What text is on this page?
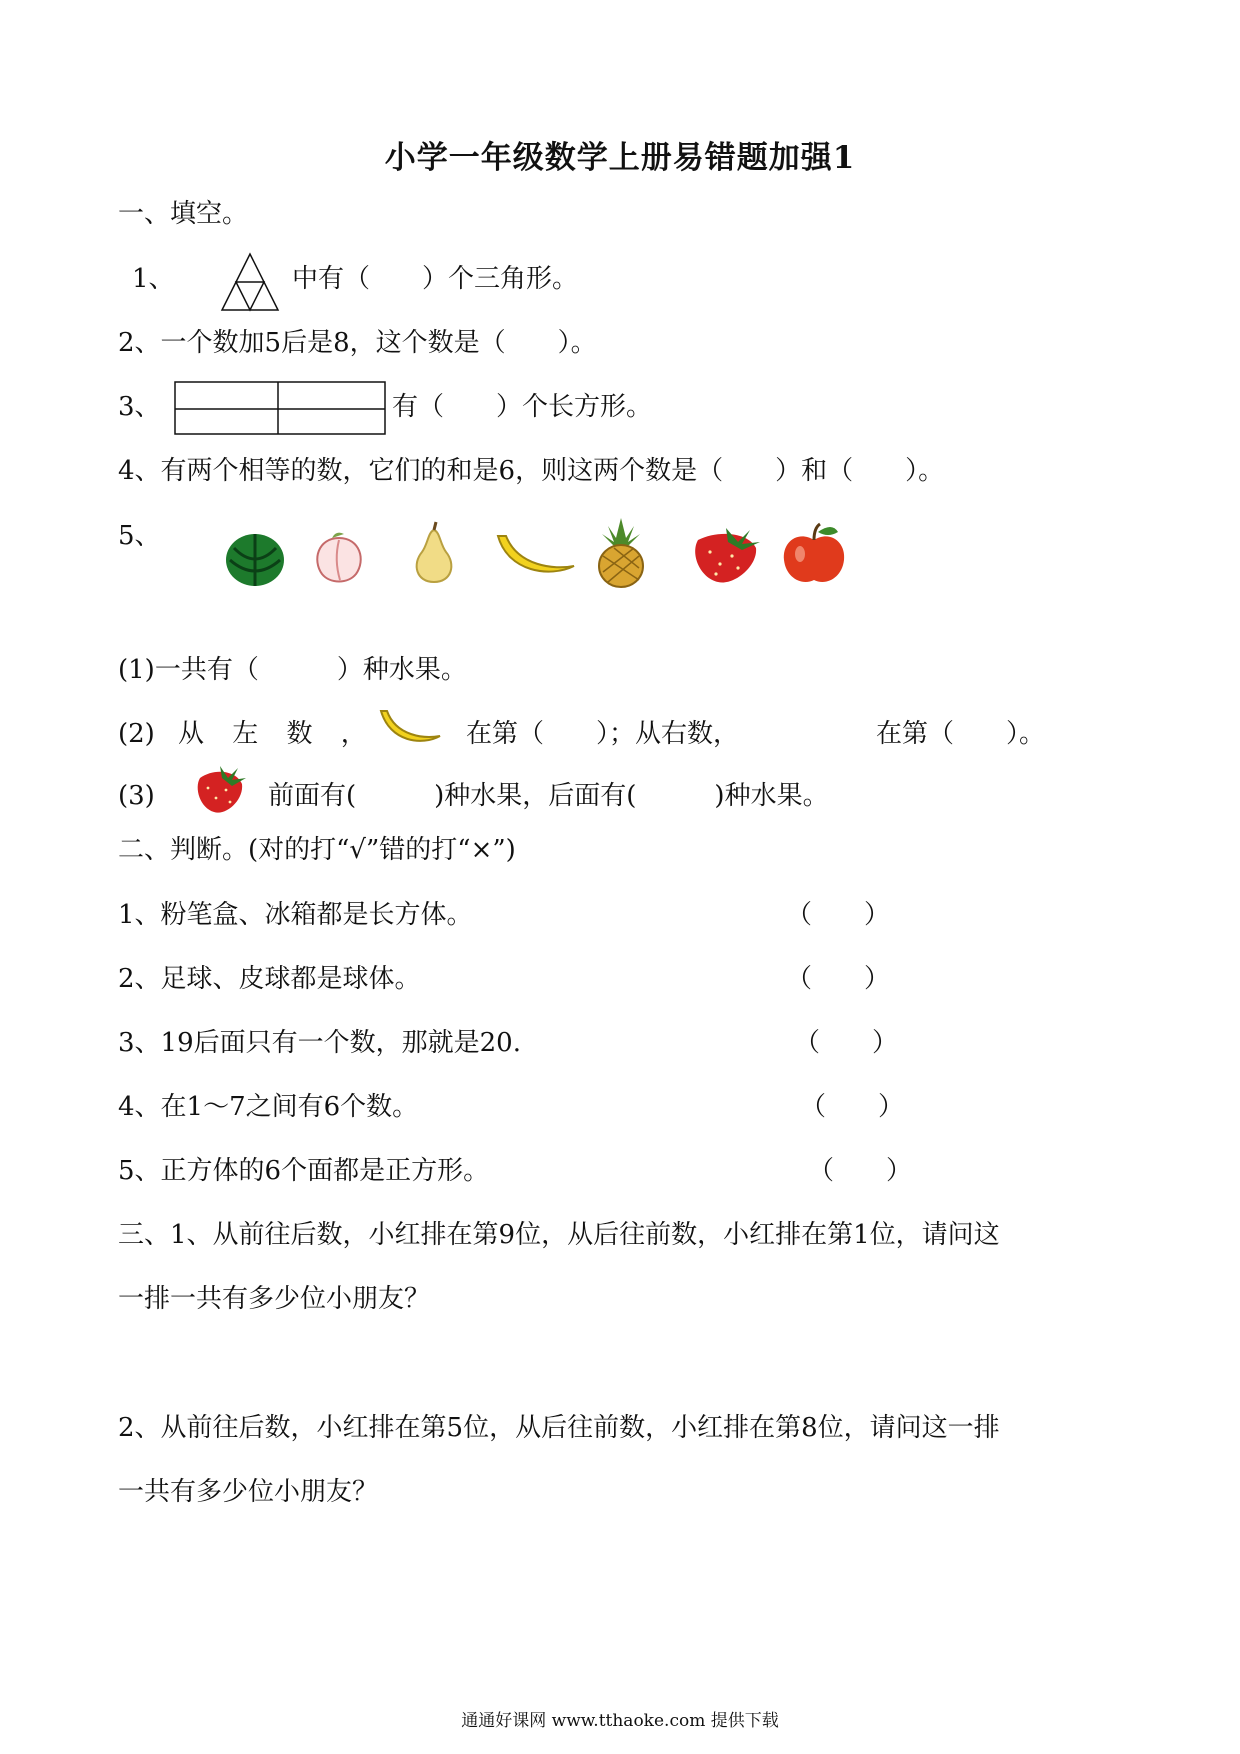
小学一年级数学上册易错题加强1
一、填空。
1、	中有（　　）个三角形。
2、一个数加5后是8，这个数是（　　）。
3、	有（　　）个长方形。
4、有两个相等的数，它们的和是6，则这两个数是（　　）和（　　）。
5、
(1)一共有（　　　）种水果。
(2) 从 左 数 ，	在第（　　）；从右数，	在第（　　）。
(3)	前面有(　　　)种水果，后面有(　　　)种水果。
二、判断。(对的打“√”错的打“×”)
1、粉笔盒、冰箱都是长方体。	（　　）
2、足球、皮球都是球体。	（　　）
3、19后面只有一个数，那就是20.	（　　）
4、在1～7之间有6个数。	（　　）
5、正方体的6个面都是正方形。	（　　）
三、1、从前往后数，小红排在第9位，从后往前数，小红排在第1位，请问这
一排一共有多少位小朋友？
2、从前往后数，小红排在第5位，从后往前数，小红排在第8位，请问这一排
一共有多少位小朋友？
通通好课网 www.tthaoke.com 提供下载
